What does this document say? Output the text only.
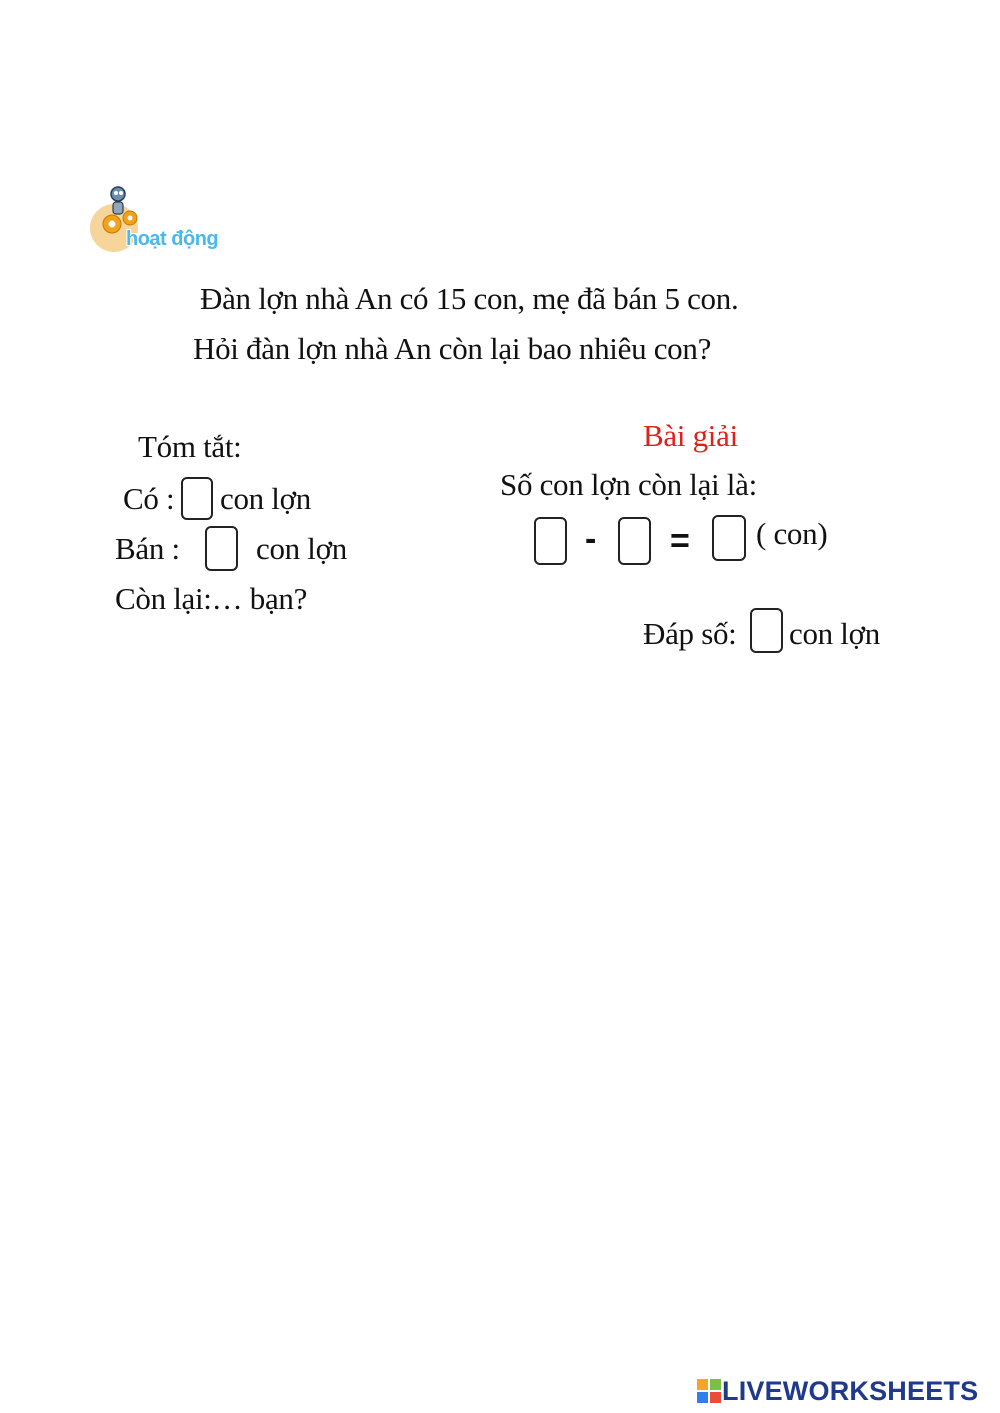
hoạt động
Đàn lợn nhà An có 15 con, mẹ đã bán 5 con.
Hỏi đàn lợn nhà An còn lại bao nhiêu con?
Tóm tắt:
Có : con lợn
Bán : con lợn
Còn lại:… bạn?
Bài giải
Số con lợn còn lại là:
- = ( con)
Đáp số: con lợn
LIVEWORKSHEETS
